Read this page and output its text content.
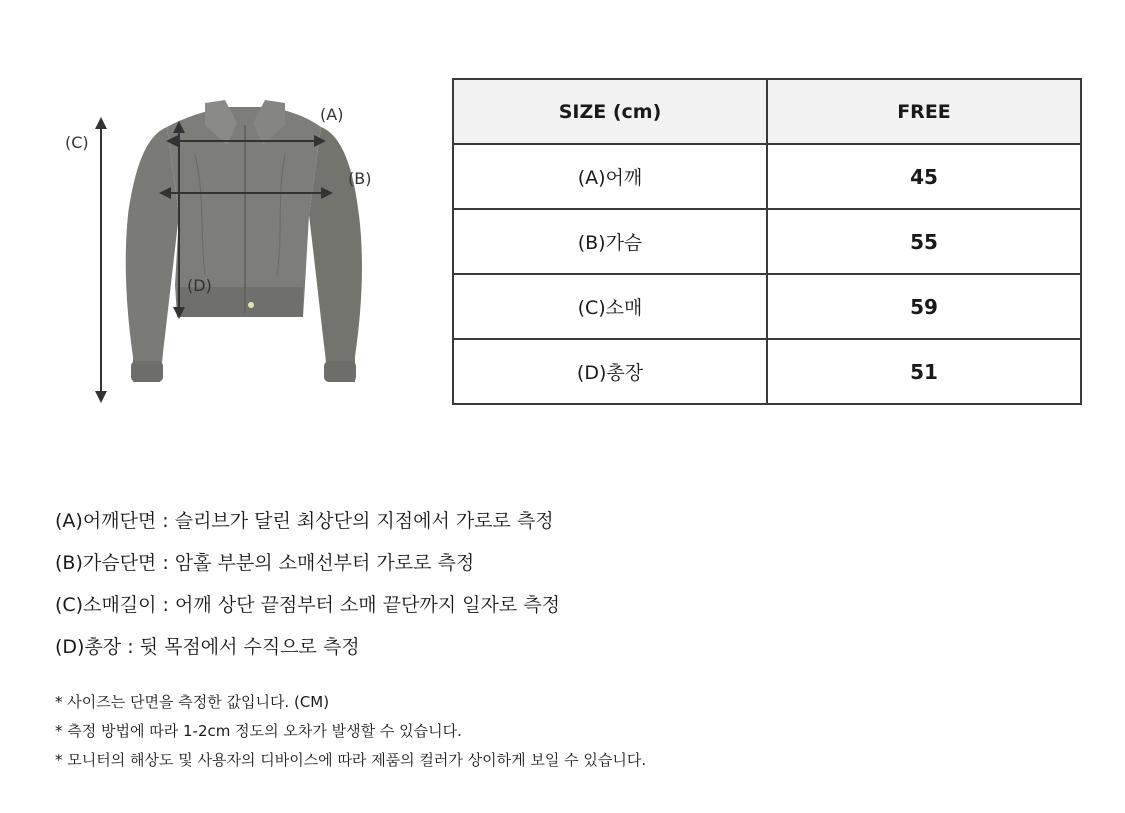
(A)
(B)
(C)
(D)
SIZE (cm)	FREE
(A)어깨	45
(B)가슴	55
(C)소매	59
(D)총장	51
(A)어깨단면 : 슬리브가 달린 최상단의 지점에서 가로로 측정
(B)가슴단면 : 암홀 부분의 소매선부터 가로로 측정
(C)소매길이 : 어깨 상단 끝점부터 소매 끝단까지 일자로 측정
(D)총장 : 뒷 목점에서 수직으로 측정
* 사이즈는 단면을 측정한 값입니다. (CM)
* 측정 방법에 따라 1-2cm 정도의 오차가 발생할 수 있습니다.
* 모니터의 해상도 및 사용자의 디바이스에 따라 제품의 컬러가 상이하게 보일 수 있습니다.
